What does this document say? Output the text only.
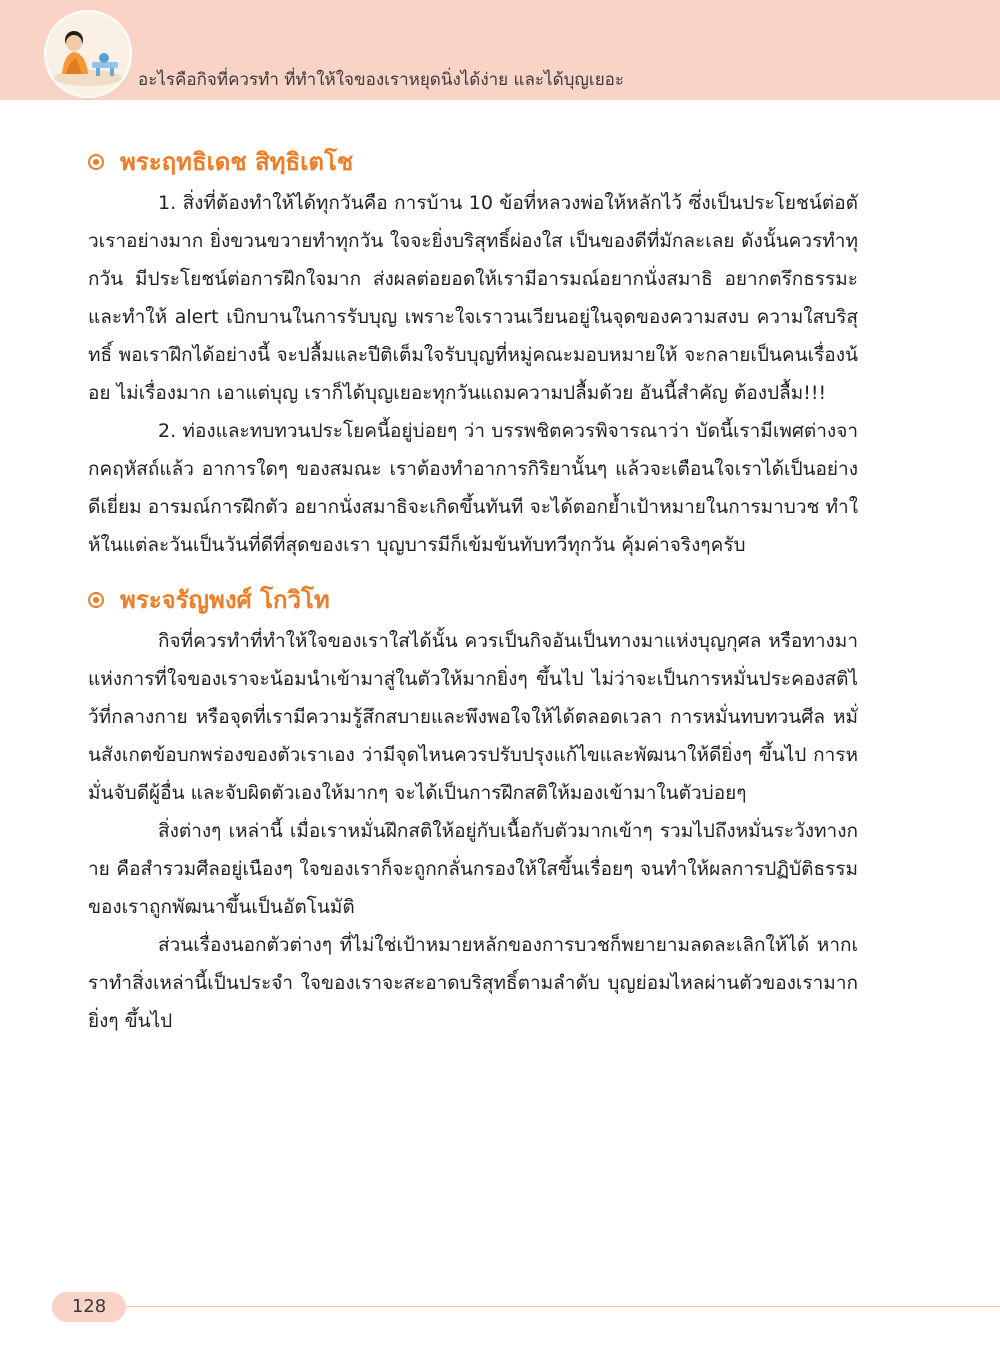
อะไรคือกิจที่ควรทำ ที่ทำให้ใจของเราหยุดนิ่งได้ง่าย และได้บุญเยอะ
พระฤทธิเดช สิทฺธิเตโช

1. สิ่งที่ต้องทำให้ได้ทุกวันคือ การบ้าน 10 ข้อที่หลวงพ่อให้หลักไว้ ซึ่งเป็นประโยชน์ต่อตัวเราอย่างมาก ยิ่งขวนขวายทำทุกวัน ใจจะยิ่งบริสุทธิ์ผ่องใส เป็นของดีที่มักละเลย ดังนั้นควรทำทุกวัน มีประโยชน์ต่อการฝึกใจมาก ส่งผลต่อยอดให้เรามีอารมณ์อยากนั่งสมาธิ อยากตรึกธรรมะ และทำให้ alert เบิกบานในการรับบุญ เพราะใจเราวนเวียนอยู่ในจุดของความสงบ ความใสบริสุทธิ์ พอเราฝึกได้อย่างนี้ จะปลื้มและปีติเต็มใจรับบุญที่หมู่คณะมอบหมายให้ จะกลายเป็นคนเรื่องน้อย ไม่เรื่องมาก เอาแต่บุญ เราก็ได้บุญเยอะทุกวันแถมความปลื้มด้วย อันนี้สำคัญ ต้องปลื้ม!!!

2. ท่องและทบทวนประโยคนี้อยู่บ่อยๆ ว่า บรรพชิตควรพิจารณาว่า บัดนี้เรามีเพศต่างจากคฤหัสถ์แล้ว อาการใดๆ ของสมณะ เราต้องทำอาการกิริยานั้นๆ แล้วจะเตือนใจเราได้เป็นอย่างดีเยี่ยม อารมณ์การฝึกตัว อยากนั่งสมาธิจะเกิดขึ้นทันที จะได้ตอกย้ำเป้าหมายในการมาบวช ทำให้ในแต่ละวันเป็นวันที่ดีที่สุดของเรา บุญบารมีก็เข้มข้นทับทวีทุกวัน คุ้มค่าจริงๆครับ

พระจรัญพงศ์ โกวิโท

กิจที่ควรทำที่ทำให้ใจของเราใสได้นั้น ควรเป็นกิจอันเป็นทางมาแห่งบุญกุศล หรือทางมาแห่งการที่ใจของเราจะน้อมนำเข้ามาสู่ในตัวให้มากยิ่งๆ ขึ้นไป ไม่ว่าจะเป็นการหมั่นประคองสติไว้ที่กลางกาย หรือจุดที่เรามีความรู้สึกสบายและพึงพอใจให้ได้ตลอดเวลา การหมั่นทบทวนศีล หมั่นสังเกตข้อบกพร่องของตัวเราเอง ว่ามีจุดไหนควรปรับปรุงแก้ไขและพัฒนาให้ดียิ่งๆ ขึ้นไป การหมั่นจับดีผู้อื่น และจับผิดตัวเองให้มากๆ จะได้เป็นการฝึกสติให้มองเข้ามาในตัวบ่อยๆ

สิ่งต่างๆ เหล่านี้ เมื่อเราหมั่นฝึกสติให้อยู่กับเนื้อกับตัวมากเข้าๆ รวมไปถึงหมั่นระวังทางกาย คือสำรวมศีลอยู่เนืองๆ ใจของเราก็จะถูกกลั่นกรองให้ใสขึ้นเรื่อยๆ จนทำให้ผลการปฏิบัติธรรมของเราถูกพัฒนาขึ้นเป็นอัตโนมัติ

ส่วนเรื่องนอกตัวต่างๆ ที่ไม่ใช่เป้าหมายหลักของการบวชก็พยายามลดละเลิกให้ได้ หากเราทำสิ่งเหล่านี้เป็นประจำ ใจของเราจะสะอาดบริสุทธิ์ตามลำดับ บุญย่อมไหลผ่านตัวของเรามากยิ่งๆ ขึ้นไป

128
